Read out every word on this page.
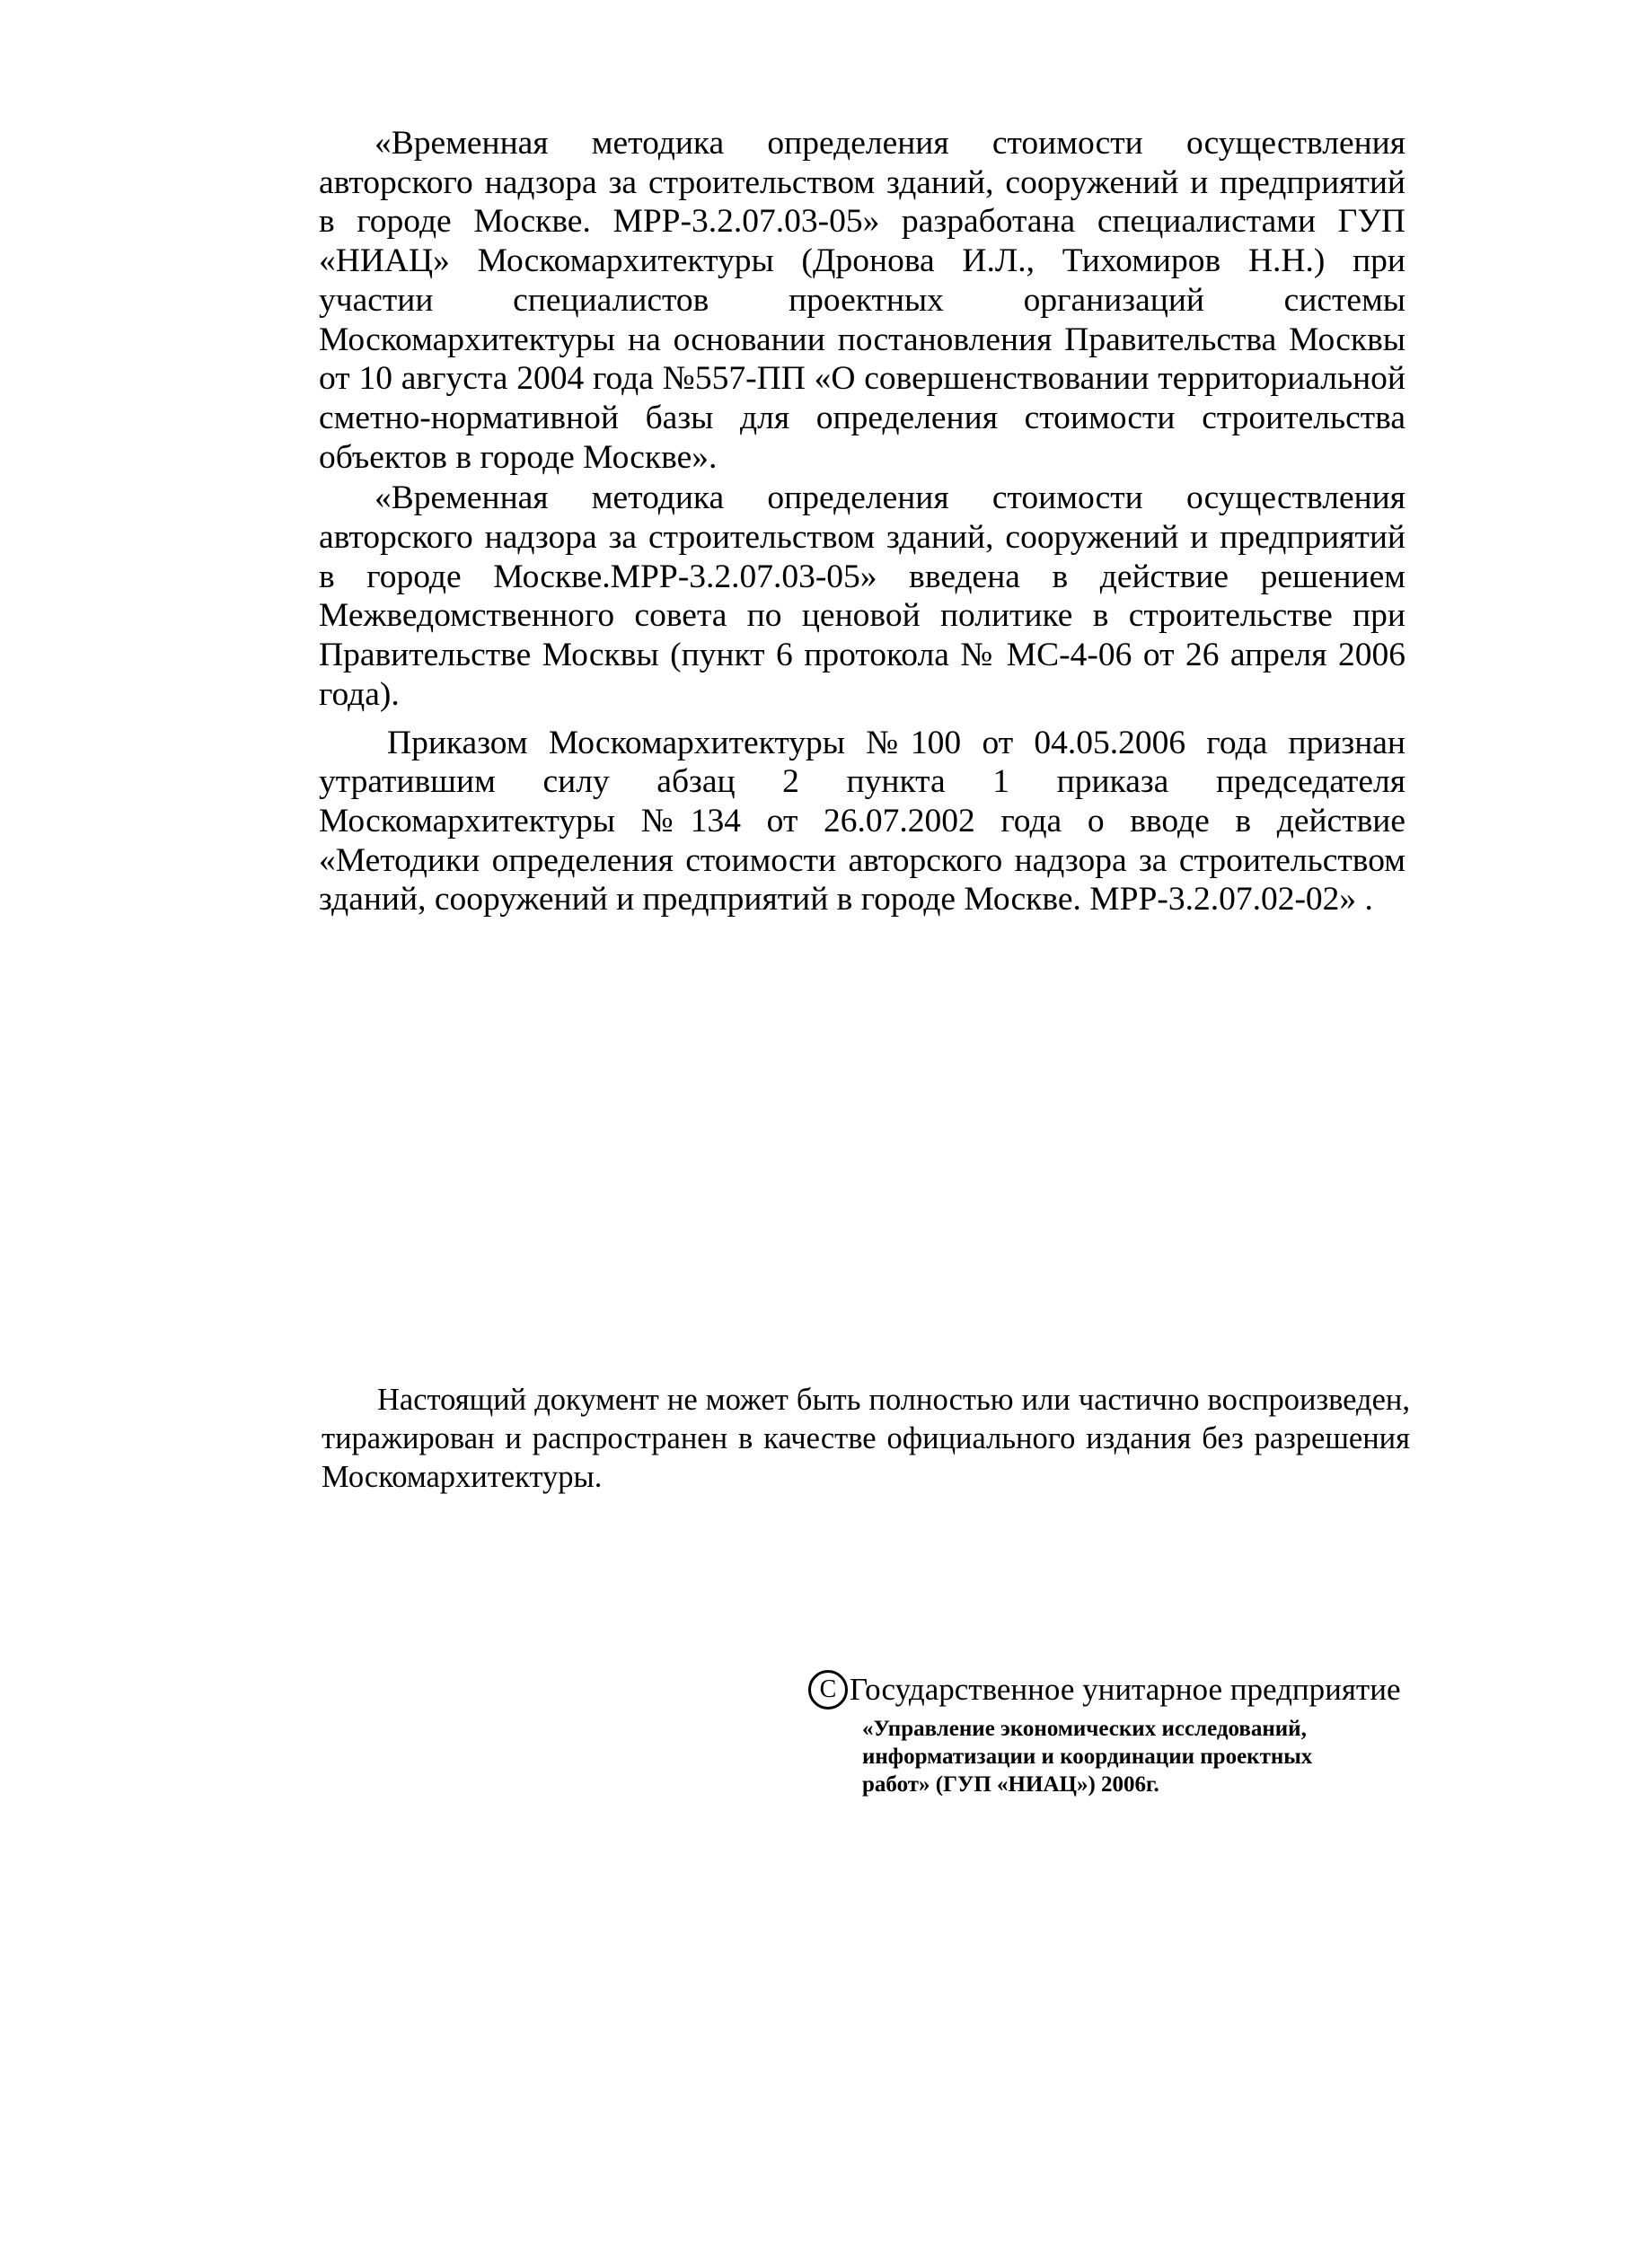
«Временная методика определения стоимости осуществления авторского надзора за строительством зданий, сооружений и предприятий в городе Москве. МРР-3.2.07.03-05» разработана специалистами ГУП «НИАЦ» Москомархитектуры (Дронова И.Л., Тихомиров Н.Н.) при участии специалистов проектных организаций системы Москомархитектуры на основании постановления Правительства Москвы от 10 августа 2004 года №557-ПП «О совершенствовании территориальной сметно-нормативной базы для определения стоимости строительства объектов в городе Москве».

«Временная методика определения стоимости осуществления авторского надзора за строительством зданий, сооружений и предприятий в городе Москве.МРР-3.2.07.03-05» введена в действие решением Межведомственного совета по ценовой политике в строительстве при Правительстве Москвы (пункт 6 протокола № МС-4-06 от 26 апреля 2006 года).

Приказом Москомархитектуры №100 от 04.05.2006 года признан утратившим силу абзац 2 пункта 1 приказа председателя Москомархитектуры №134 от 26.07.2002 года о вводе в действие «Методики определения стоимости авторского надзора за строительством зданий, сооружений и предприятий в городе Москве. МРР-3.2.07.02-02» .

Настоящий документ не может быть полностью или частично воспроизведен, тиражирован и распространен в качестве официального издания без разрешения Москомархитектуры.

C Государственное унитарное предприятие
«Управление экономических исследований, информатизации и координации проектных работ» (ГУП «НИАЦ») 2006г.
